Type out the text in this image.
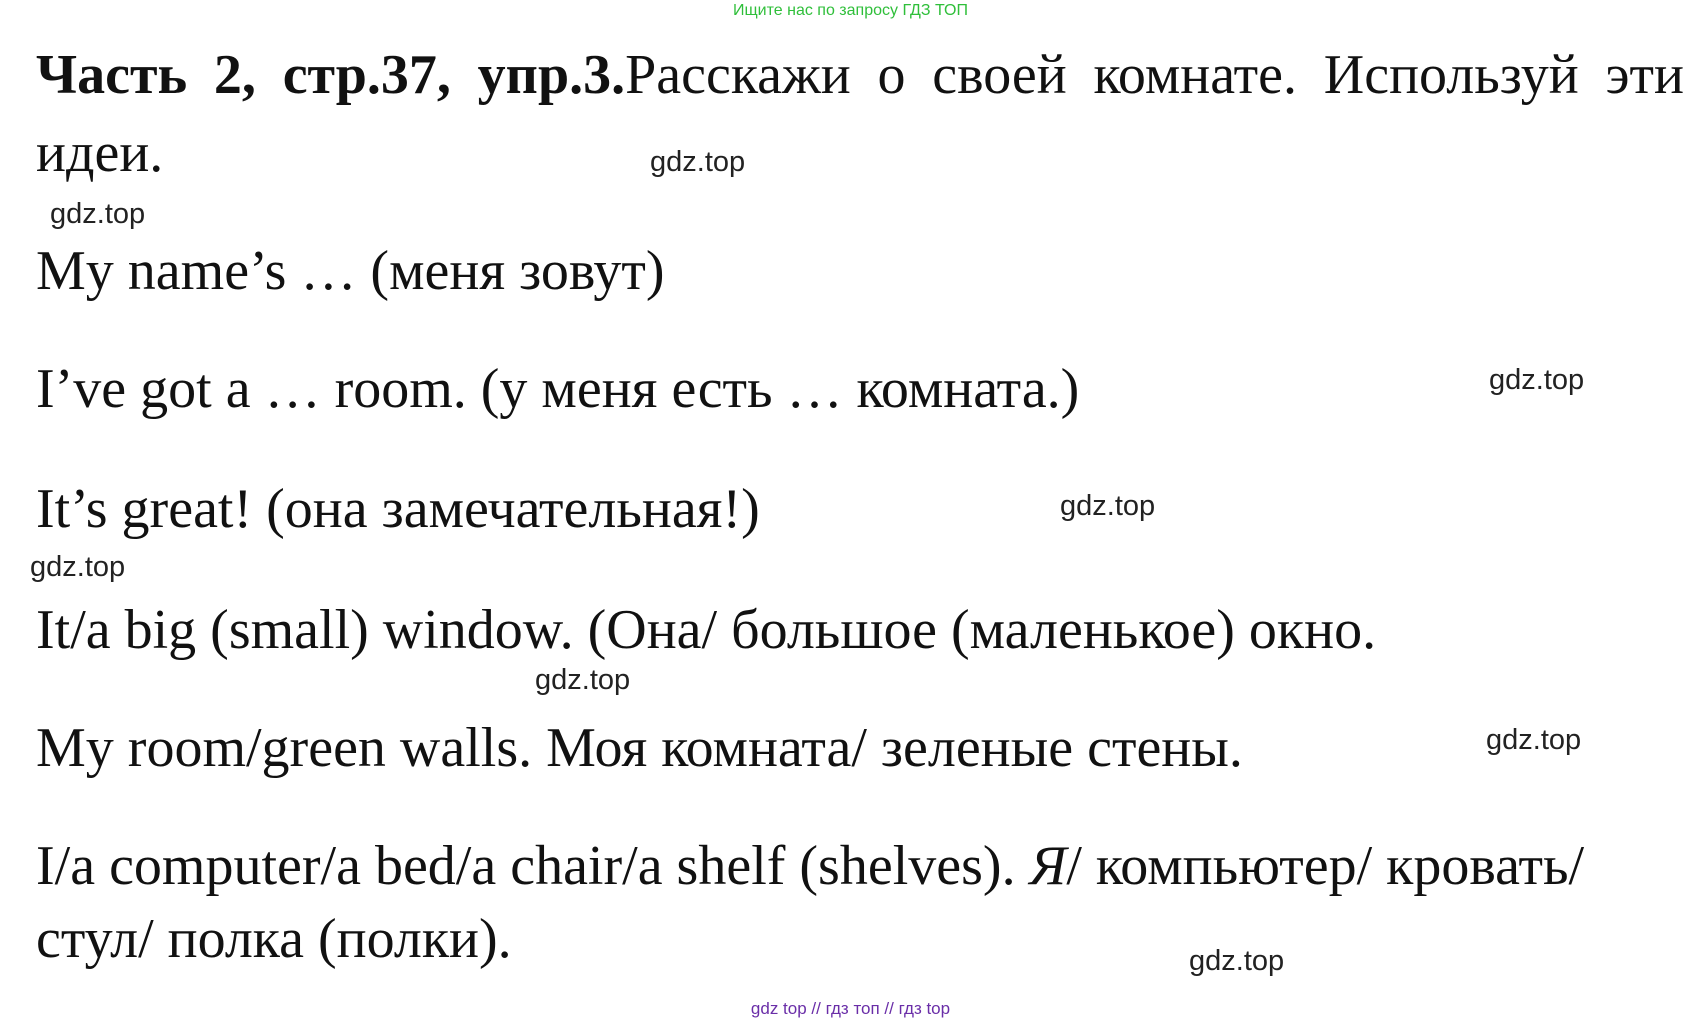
Ищите нас по запросу ГДЗ ТОП
Часть 2, стр.37, упр.3.Расскажи о своей комнате. Используй эти
идеи.
My name’s … (меня зовут)
I’ve got a … room. (у меня есть … комната.)
It’s great! (она замечательная!)
It/a big (small) window. (Она/ большое (маленькое) окно.
My room/green walls. Моя комната/ зеленые стены.
I/a computer/a bed/a chair/a shelf (shelves). Я/ компьютер/ кровать/
стул/ полка (полки).
gdz.top
gdz.top
gdz.top
gdz.top
gdz.top
gdz.top
gdz.top
gdz.top
gdz top // гдз топ // гдз top
